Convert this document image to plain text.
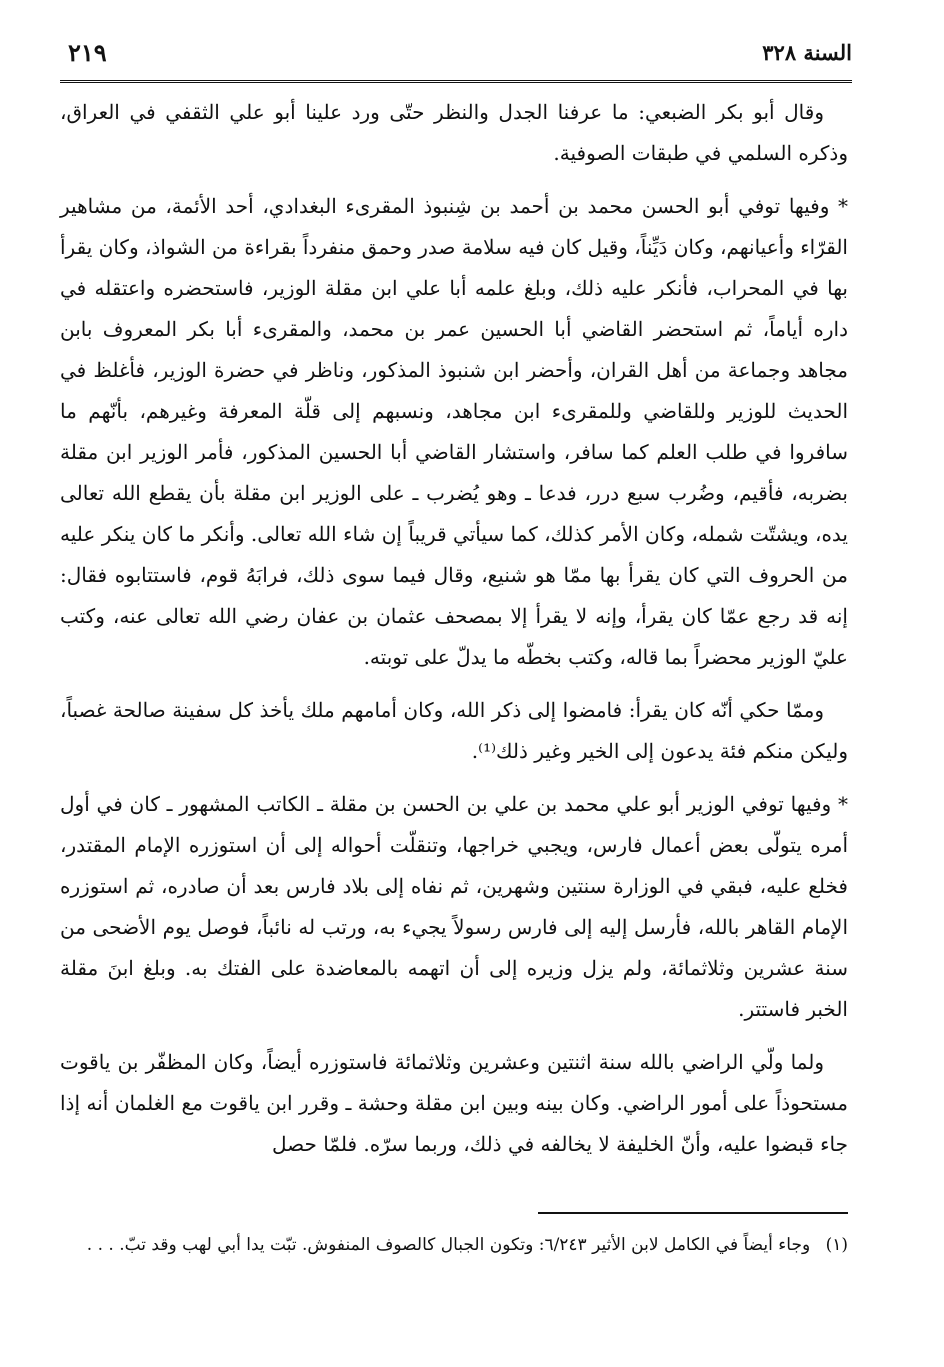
السنة ٣٢٨
٢١٩

وقال أبو بكر الضبعي: ما عرفنا الجدل والنظر حتّى ورد علينا أبو علي الثقفي في العراق، وذكره السلمي في طبقات الصوفية.

* وفيها توفي أبو الحسن محمد بن أحمد بن شِنبوذ المقرىء البغدادي، أحد الأئمة، من مشاهير القرّاء وأعيانهم، وكان دَيِّناً، وقيل كان فيه سلامة صدر وحمق منفرداً بقراءة من الشواذ، وكان يقرأ بها في المحراب، فأنكر عليه ذلك، وبلغ علمه أبا علي ابن مقلة الوزير، فاستحضره واعتقله في داره أياماً، ثم استحضر القاضي أبا الحسين عمر بن محمد، والمقرىء أبا بكر المعروف بابن مجاهد وجماعة من أهل القران، وأحضر ابن شنبوذ المذكور، وناظر في حضرة الوزير، فأغلظ في الحديث للوزير وللقاضي وللمقرىء ابن مجاهد، ونسبهم إلى قلّة المعرفة وغيرهم، بأنّهم ما سافروا في طلب العلم كما سافر، واستشار القاضي أبا الحسين المذكور، فأمر الوزير ابن مقلة بضربه، فأقيم، وضُرب سبع درر، فدعا ـ وهو يُضرب ـ على الوزير ابن مقلة بأن يقطع الله تعالى يده، ويشتّت شمله، وكان الأمر كذلك، كما سيأتي قريباً إن شاء الله تعالى. وأنكر ما كان ينكر عليه من الحروف التي كان يقرأ بها ممّا هو شنيع، وقال فيما سوى ذلك، فرابَهُ قوم، فاستتابوه فقال: إنه قد رجع عمّا كان يقرأ، وإنه لا يقرأ إلا بمصحف عثمان بن عفان رضي الله تعالى عنه، وكتب عليّ الوزير محضراً بما قاله، وكتب بخطّه ما يدلّ على توبته.

وممّا حكي أنّه كان يقرأ: فامضوا إلى ذكر الله، وكان أمامهم ملك يأخذ كل سفينة صالحة غصباً، وليكن منكم فئة يدعون إلى الخير وغير ذلك⁽¹⁾.

* وفيها توفي الوزير أبو علي محمد بن علي بن الحسن بن مقلة ـ الكاتب المشهور ـ كان في أول أمره يتولّى بعض أعمال فارس، ويجبي خراجها، وتنقلّت أحواله إلى أن استوزره الإمام المقتدر، فخلع عليه، فبقي في الوزارة سنتين وشهرين، ثم نفاه إلى بلاد فارس بعد أن صادره، ثم استوزره الإمام القاهر بالله، فأرسل إليه إلى فارس رسولاً يجيء به، ورتب له نائباً، فوصل يوم الأضحى من سنة عشرين وثلاثمائة، ولم يزل وزيره إلى أن اتهمه بالمعاضدة على الفتك به. وبلغ ابنَ مقلة الخبر فاستتر.

ولما ولّي الراضي بالله سنة اثنتين وعشرين وثلاثمائة فاستوزره أيضاً، وكان المظفّر بن ياقوت مستحوذاً على أمور الراضي. وكان بينه وبين ابن مقلة وحشة ـ وقرر ابن ياقوت مع الغلمان أنه إذا جاء قبضوا عليه، وأنّ الخليفة لا يخالفه في ذلك، وربما سرّه. فلمّا حصل

(١) وجاء أيضاً في الكامل لابن الأثير ٦/٢٤٣: وتكون الجبال كالصوف المنفوش. تبّت يدا أبي لهب وقد تبّ. . . .
